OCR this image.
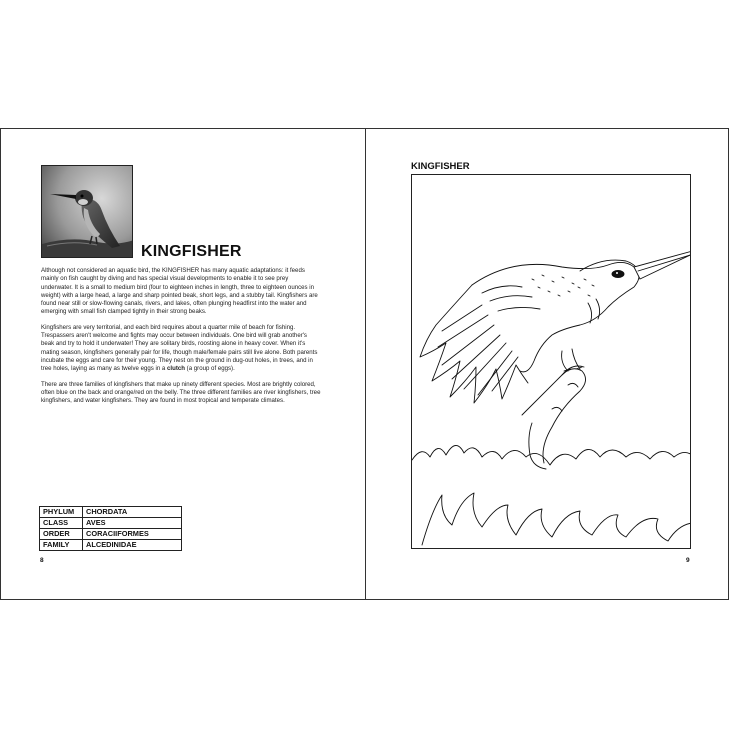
KINGFISHER

Although not considered an aquatic bird, the KINGFISHER has many aquatic adaptations: it feeds mainly on fish caught by diving and has special visual developments to enable it to see prey underwater. It is a small to medium bird (four to eighteen inches in length, three to eighteen ounces in weight) with a large head, a large and sharp pointed beak, short legs, and a stubby tail. Kingfishers are found near still or slow-flowing canals, rivers, and lakes, often plunging headfirst into the water and emerging with small fish clamped tightly in their strong beaks.

Kingfishers are very territorial, and each bird requires about a quarter mile of beach for fishing. Trespassers aren't welcome and fights may occur between individuals. One bird will grab another's beak and try to hold it underwater! They are solitary birds, roosting alone in heavy cover. When it's mating season, kingfishers generally pair for life, though male/female pairs still live alone. Both parents incubate the eggs and care for their young. They nest on the ground in dug-out holes, in trees, and in tree holes, laying as many as twelve eggs in a clutch (a group of eggs).

There are three families of kingfishers that make up ninety different species. Most are brightly colored, often blue on the back and orange/red on the belly. The three different families are river kingfishers, tree kingfishers, and water kingfishers. They are found in most tropical and temperate climates.

PHYLUM	CHORDATA
CLASS	AVES
ORDER	CORACIIFORMES
FAMILY	ALCEDINIDAE
8
KINGFISHER
9
